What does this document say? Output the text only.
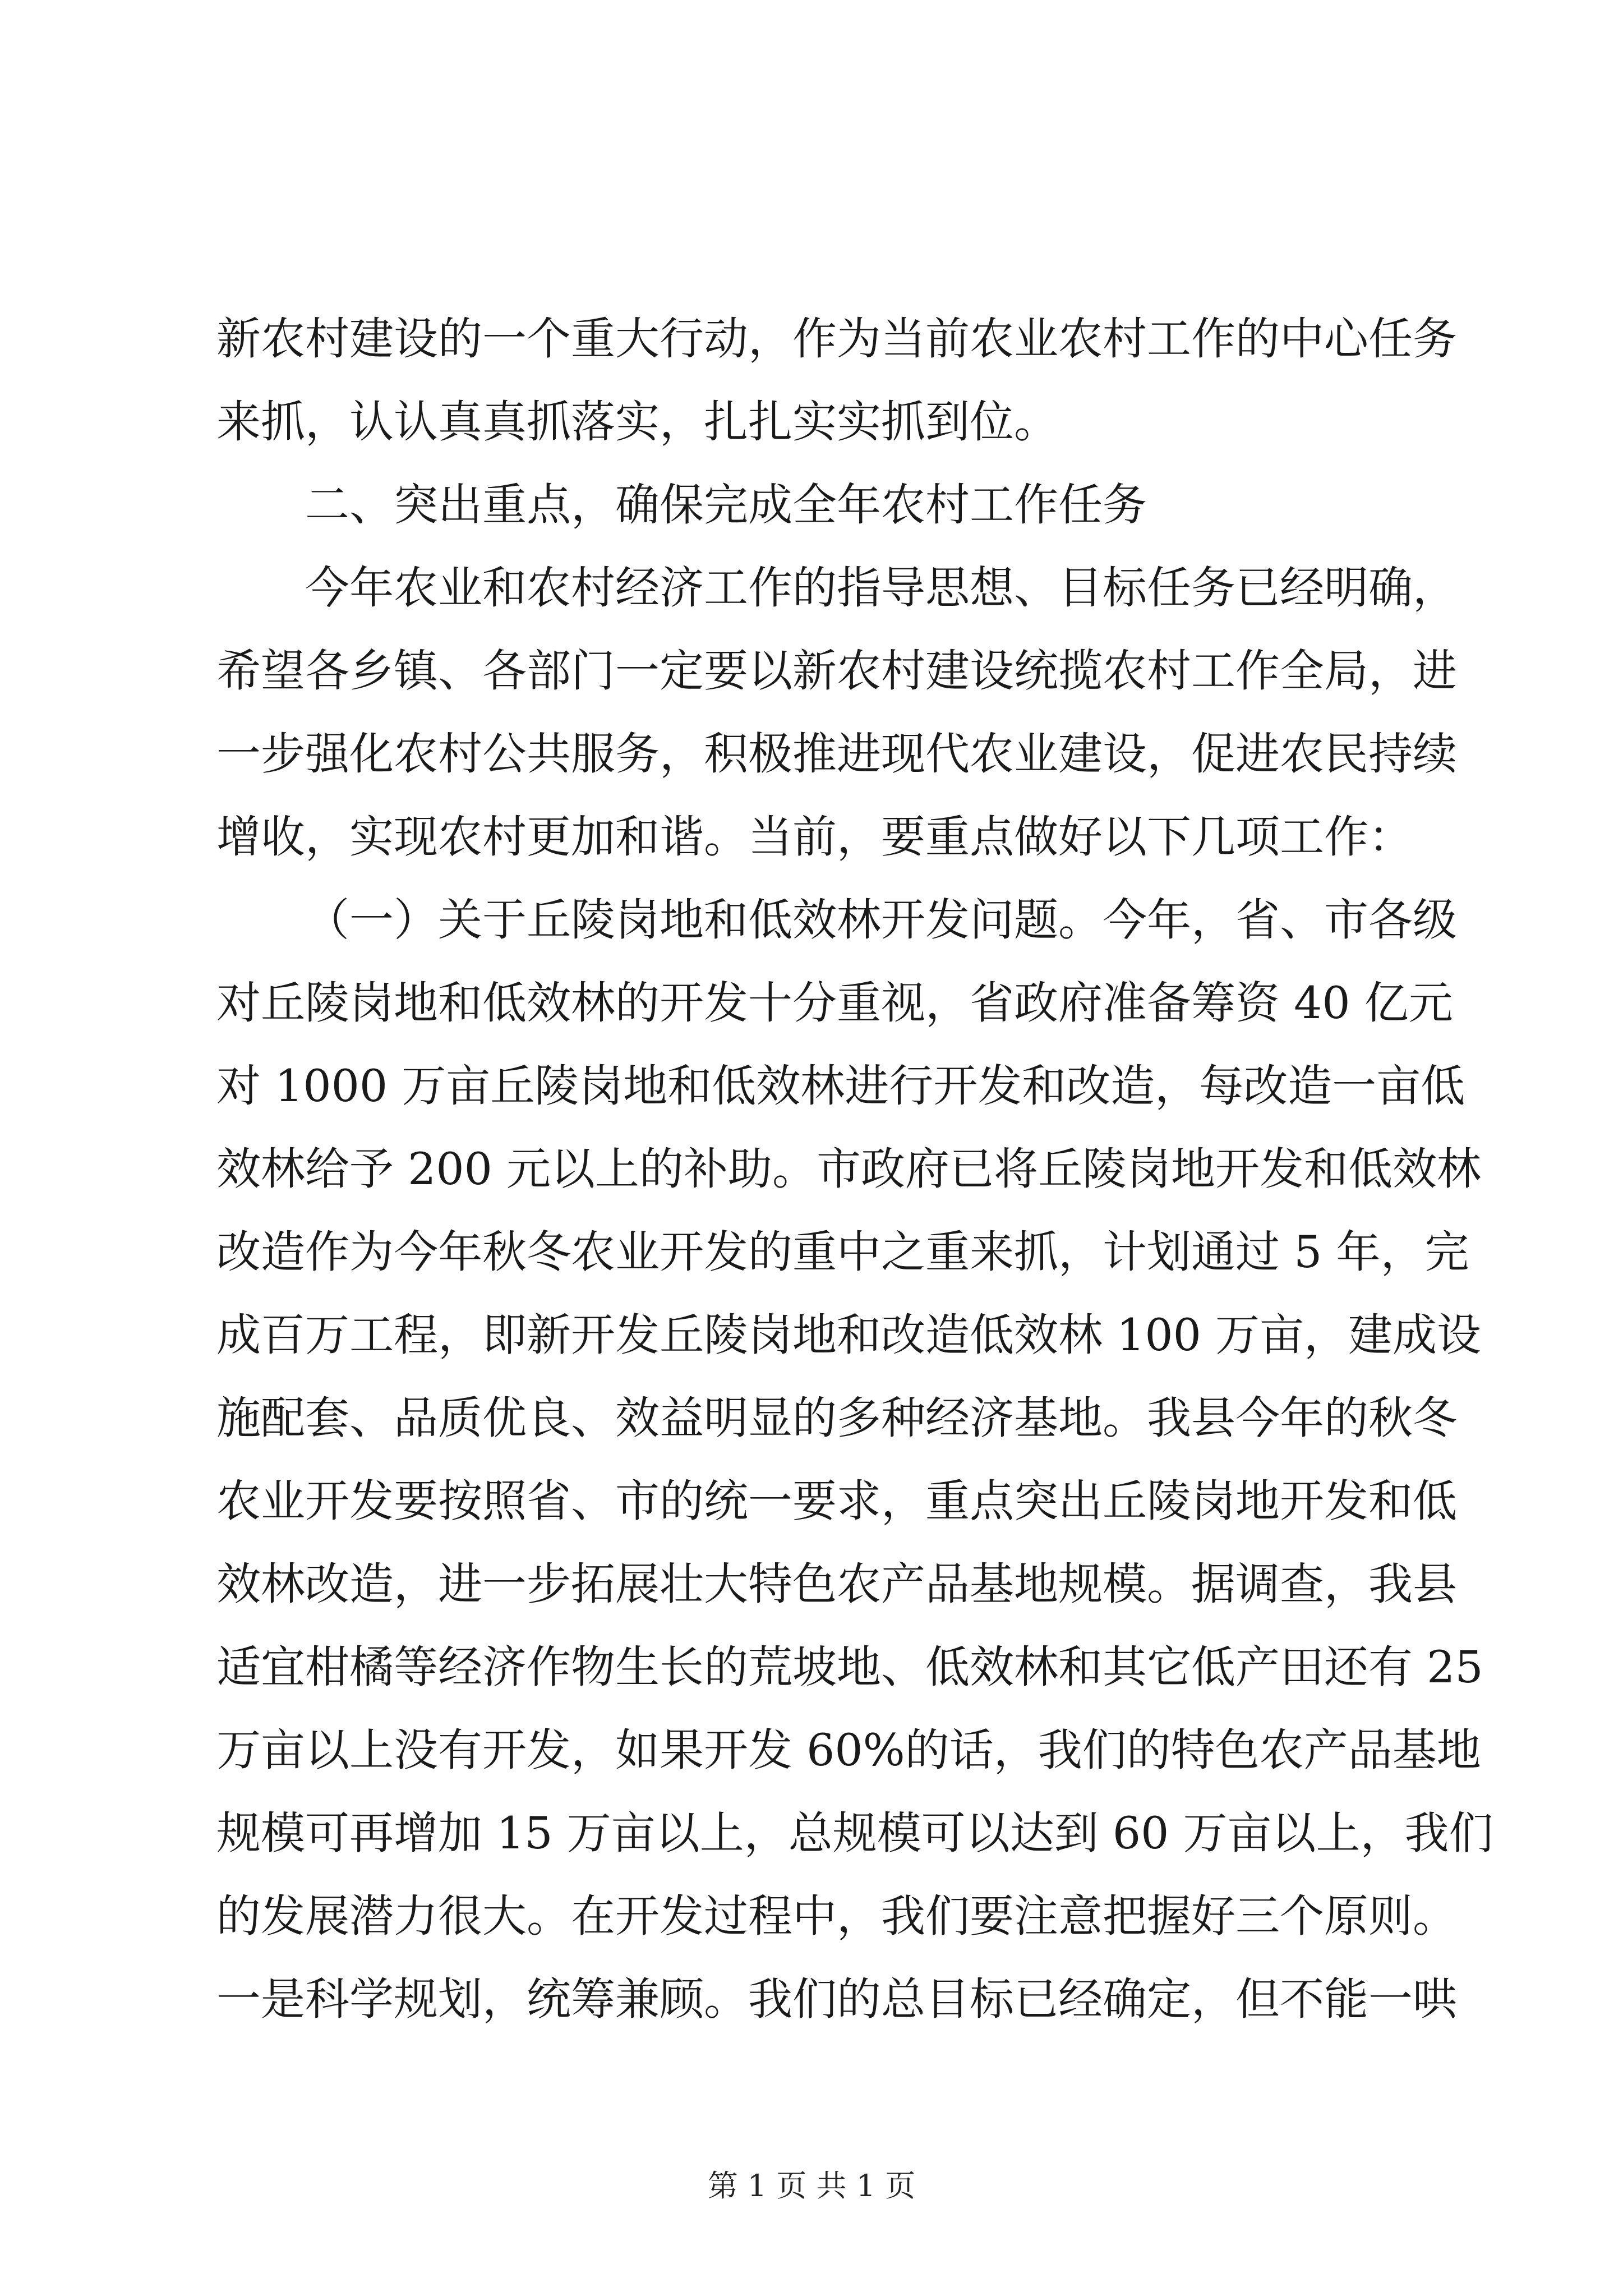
新农村建设的一个重大行动，作为当前农业农村工作的中心任务
来抓，认认真真抓落实，扎扎实实抓到位。
二、突出重点，确保完成全年农村工作任务
今年农业和农村经济工作的指导思想、目标任务已经明确，
希望各乡镇、各部门一定要以新农村建设统揽农村工作全局，进
一步强化农村公共服务，积极推进现代农业建设，促进农民持续
增收，实现农村更加和谐。当前，要重点做好以下几项工作：
（一）关于丘陵岗地和低效林开发问题。今年，省、市各级
对丘陵岗地和低效林的开发十分重视，省政府准备筹资 40 亿元
对 1000 万亩丘陵岗地和低效林进行开发和改造，每改造一亩低
效林给予 200 元以上的补助。市政府已将丘陵岗地开发和低效林
改造作为今年秋冬农业开发的重中之重来抓，计划通过 5 年，完
成百万工程，即新开发丘陵岗地和改造低效林 100 万亩，建成设
施配套、品质优良、效益明显的多种经济基地。我县今年的秋冬
农业开发要按照省、市的统一要求，重点突出丘陵岗地开发和低
效林改造，进一步拓展壮大特色农产品基地规模。据调查，我县
适宜柑橘等经济作物生长的荒坡地、低效林和其它低产田还有 25
万亩以上没有开发，如果开发 60%的话，我们的特色农产品基地
规模可再增加 15 万亩以上，总规模可以达到 60 万亩以上，我们
的发展潜力很大。在开发过程中，我们要注意把握好三个原则。
一是科学规划，统筹兼顾。我们的总目标已经确定，但不能一哄
第 1 页 共 1 页
